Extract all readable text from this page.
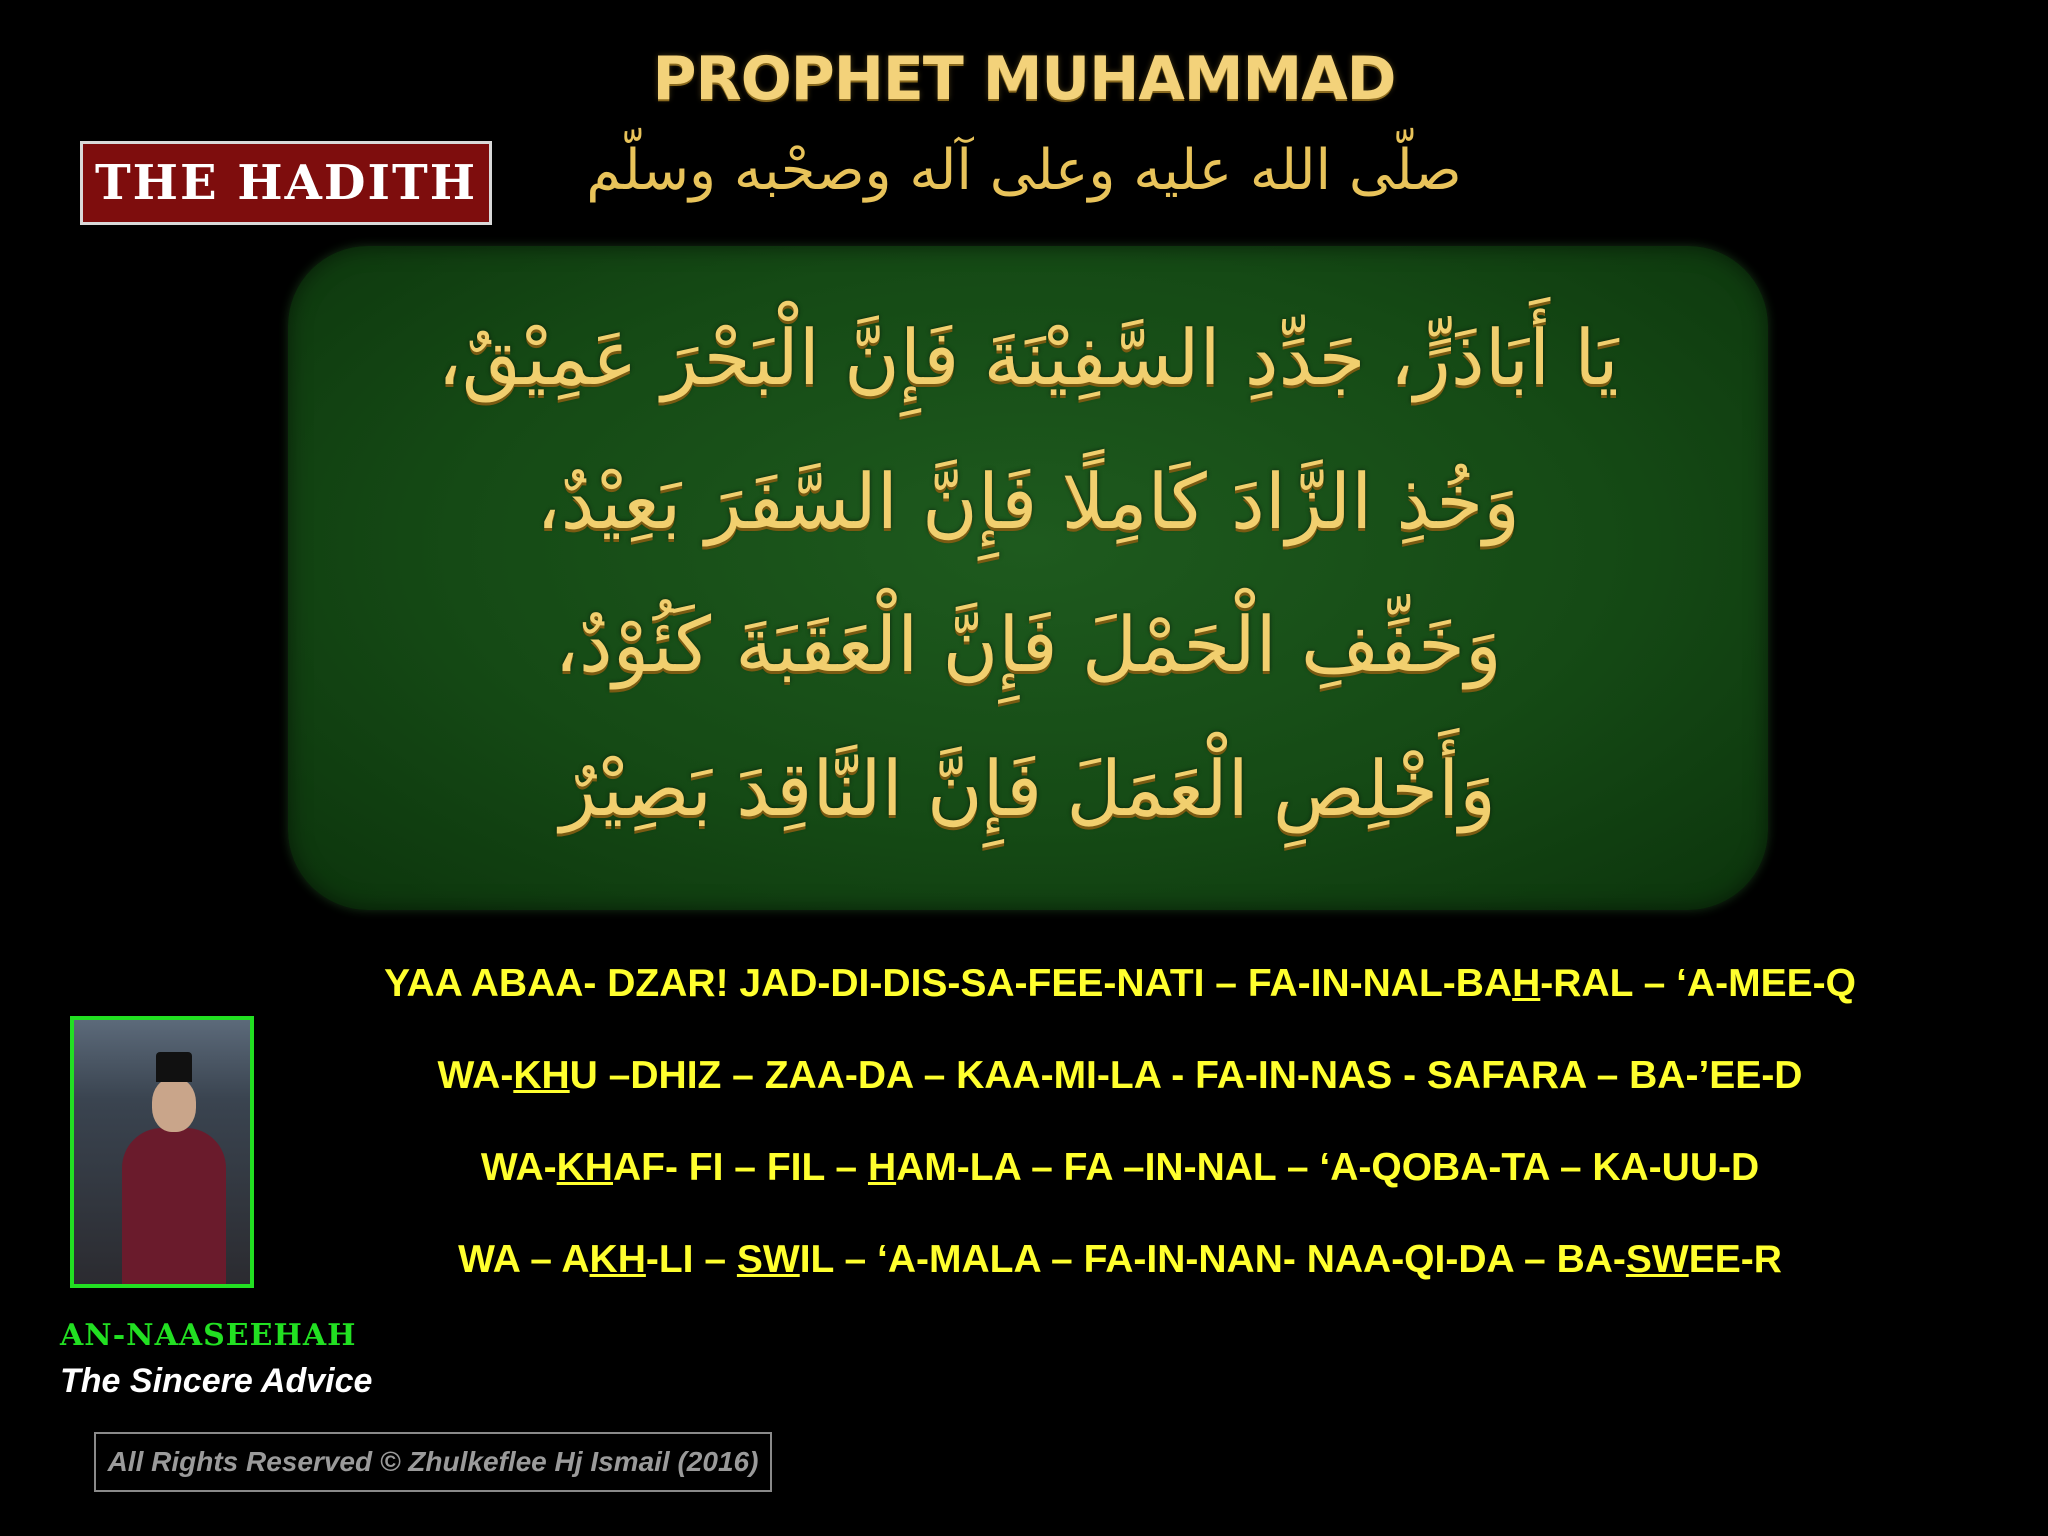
PROPHET MUHAMMAD
صلّى الله عليه وعلى آله وصحْبه وسلّم
THE HADITH
يَا أَبَاذَرٍّ، جَدِّدِ السَّفِيْنَةَ فَإِنَّ الْبَحْرَ عَمِيْقٌ،
وَخُذِ الزَّادَ كَامِلًا فَإِنَّ السَّفَرَ بَعِيْدٌ،
وَخَفِّفِ الْحَمْلَ فَإِنَّ الْعَقَبَةَ كَئُوْدٌ،
وَأَخْلِصِ الْعَمَلَ فَإِنَّ النَّاقِدَ بَصِيْرٌ
YAA ABAA- DZAR! JAD-DI-DIS-SA-FEE-NATI – FA-IN-NAL-BAH-RAL – ‘A-MEE-Q
WA-KHU –DHIZ – ZAA-DA – KAA-MI-LA - FA-IN-NAS - SAFARA – BA-’EE-D
WA-KHAF- FI – FIL – HAM-LA – FA –IN-NAL – ‘A-QOBA-TA – KA-UU-D
WA – AKH-LI – SWIL – ‘A-MALA – FA-IN-NAN- NAA-QI-DA – BA-SWEE-R
AN-NAASEEHAH
The Sincere Advice
All Rights Reserved © Zhulkeflee Hj Ismail (2016)
